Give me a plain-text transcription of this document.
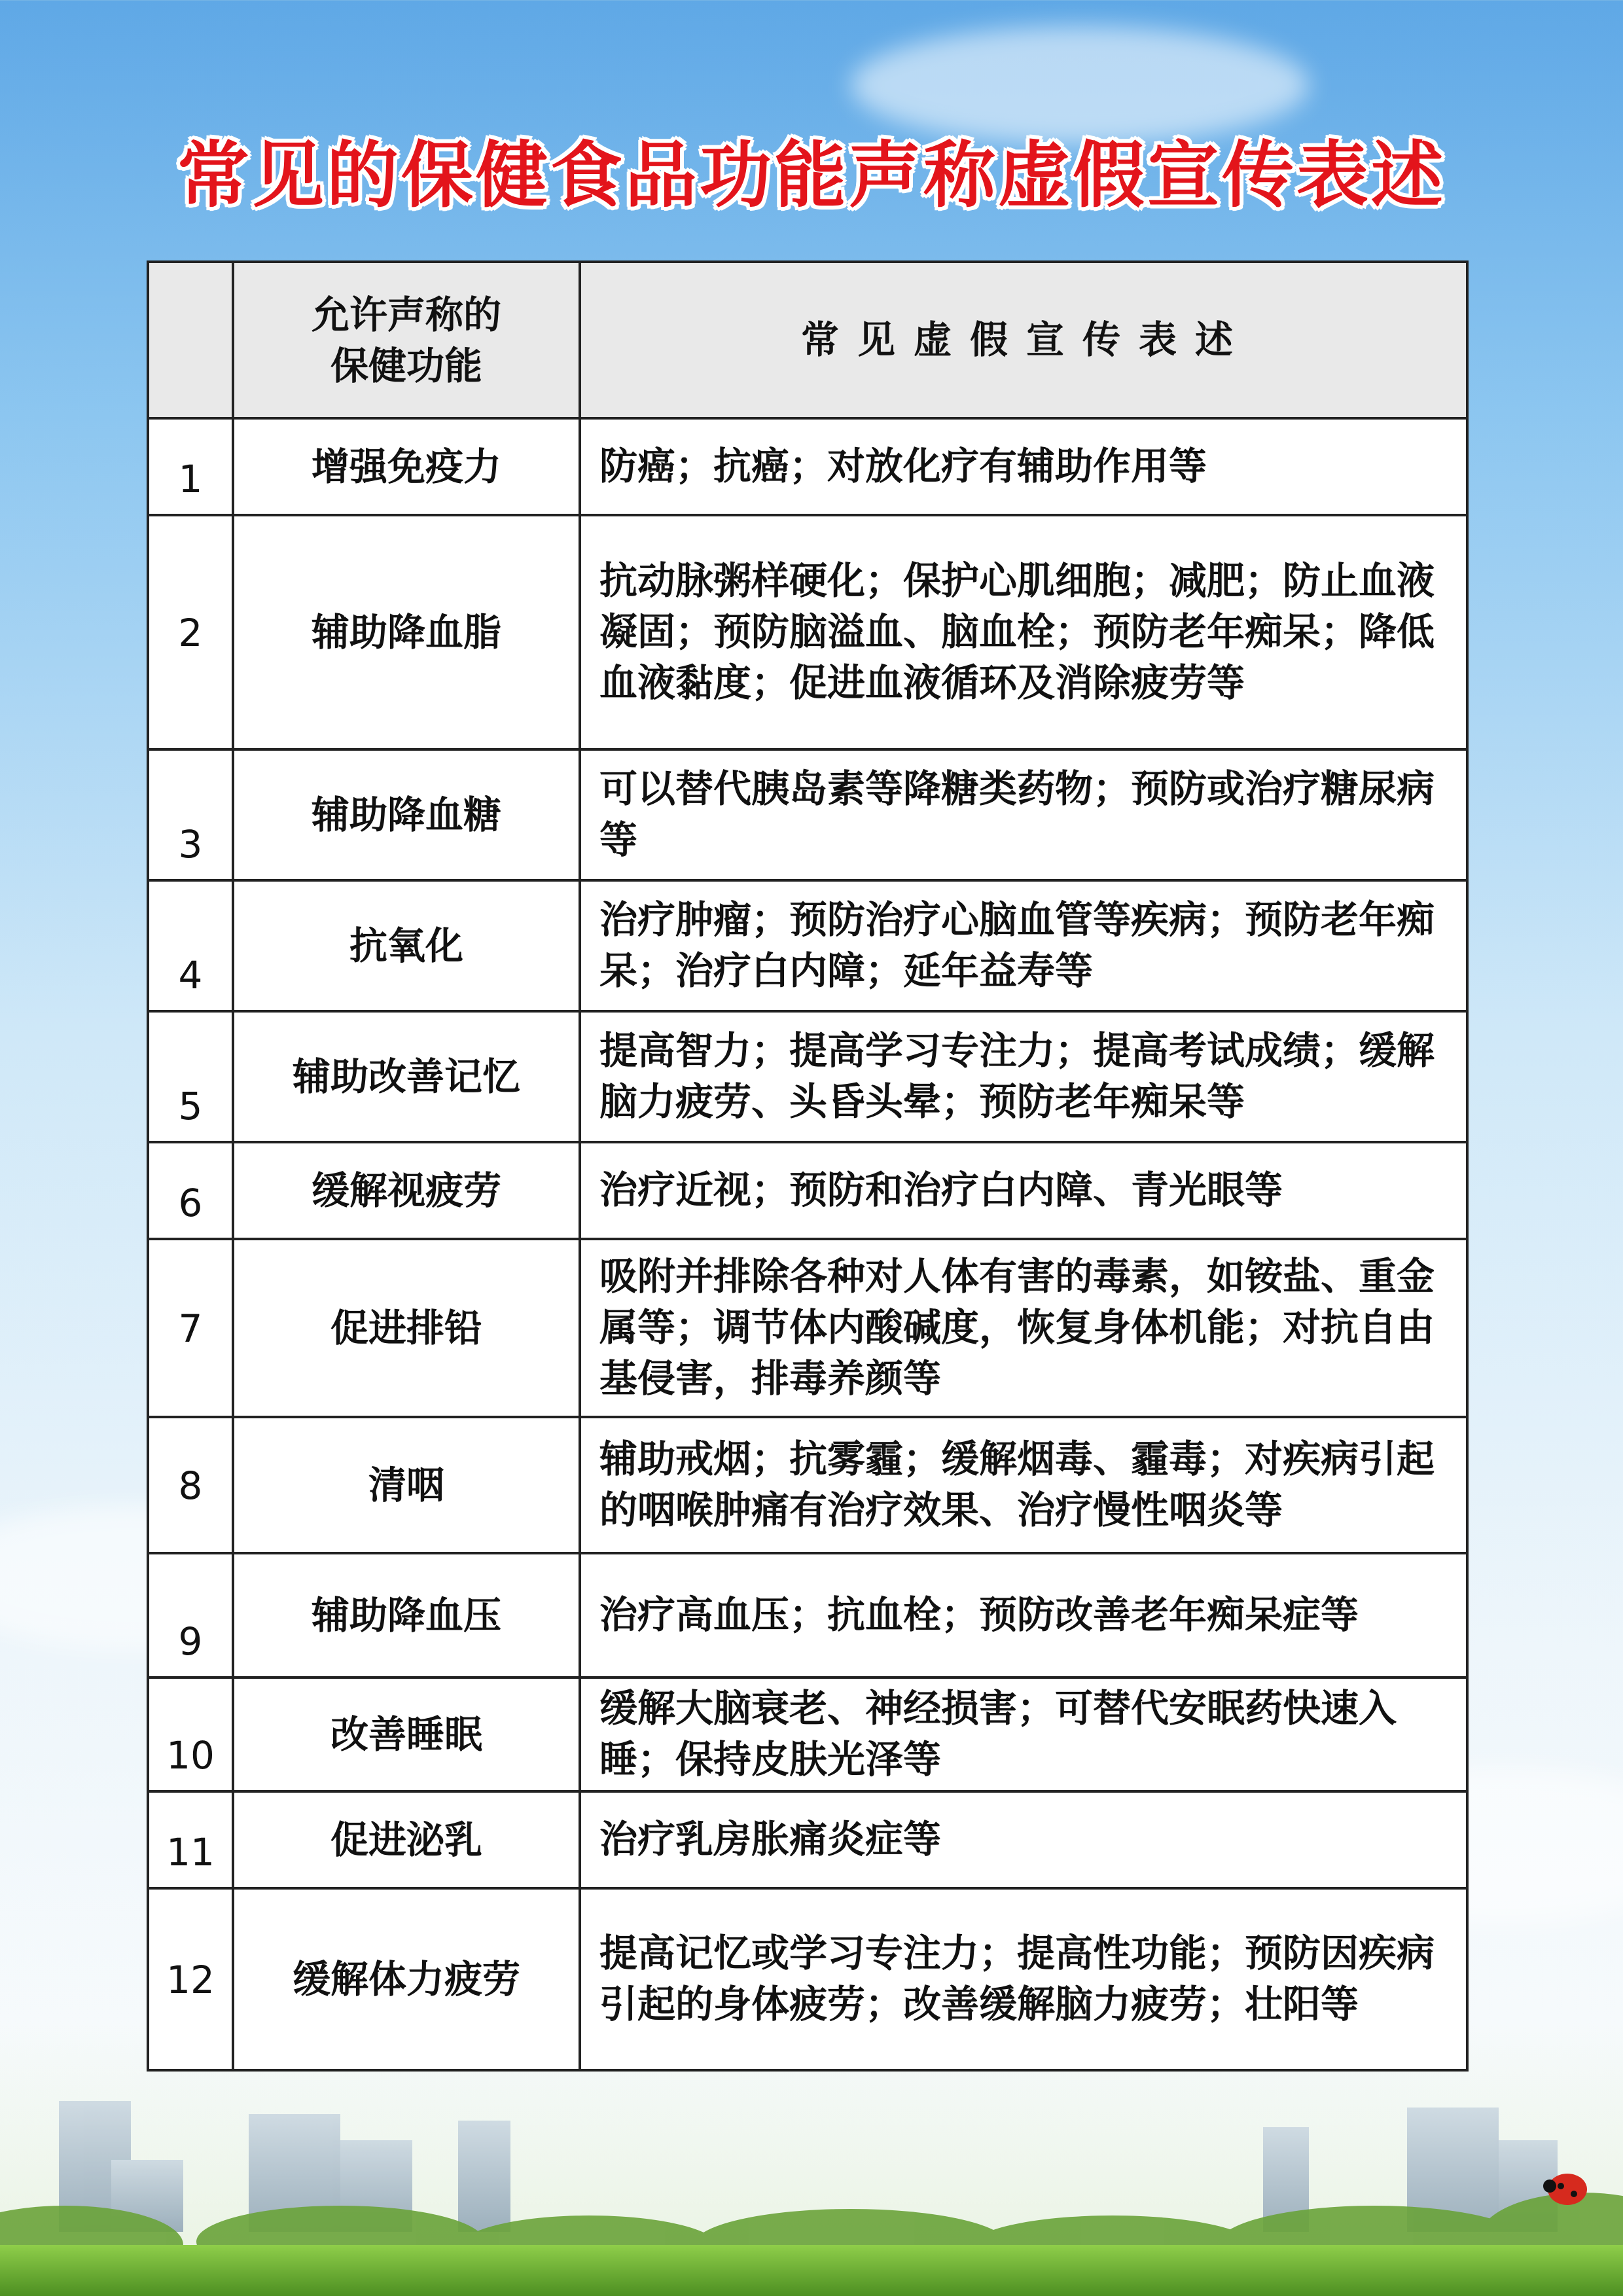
常见的保健食品功能声称虚假宣传表述
	允许声称的
保健功能	常见虚假宣传表述
1	增强免疫力	防癌；抗癌；对放化疗有辅助作用等
2	辅助降血脂	抗动脉粥样硬化；保护心肌细胞；减肥；防止血液凝固；预防脑溢血、脑血栓；预防老年痴呆；降低血液黏度；促进血液循环及消除疲劳等
3	辅助降血糖	可以替代胰岛素等降糖类药物；预防或治疗糖尿病等
4	抗氧化	治疗肿瘤；预防治疗心脑血管等疾病；预防老年痴呆；治疗白内障；延年益寿等
5	辅助改善记忆	提高智力；提高学习专注力；提高考试成绩；缓解脑力疲劳、头昏头晕；预防老年痴呆等
6	缓解视疲劳	治疗近视；预防和治疗白内障、青光眼等
7	促进排铅	吸附并排除各种对人体有害的毒素，如铵盐、重金属等；调节体内酸碱度，恢复身体机能；对抗自由基侵害，排毒养颜等
8	清咽	辅助戒烟；抗雾霾；缓解烟毒、霾毒；对疾病引起的咽喉肿痛有治疗效果、治疗慢性咽炎等
9	辅助降血压	治疗高血压；抗血栓；预防改善老年痴呆症等
10	改善睡眠	缓解大脑衰老、神经损害；可替代安眠药快速入睡；保持皮肤光泽等
11	促进泌乳	治疗乳房胀痛炎症等
12	缓解体力疲劳	提高记忆或学习专注力；提高性功能；预防因疾病引起的身体疲劳；改善缓解脑力疲劳；壮阳等
